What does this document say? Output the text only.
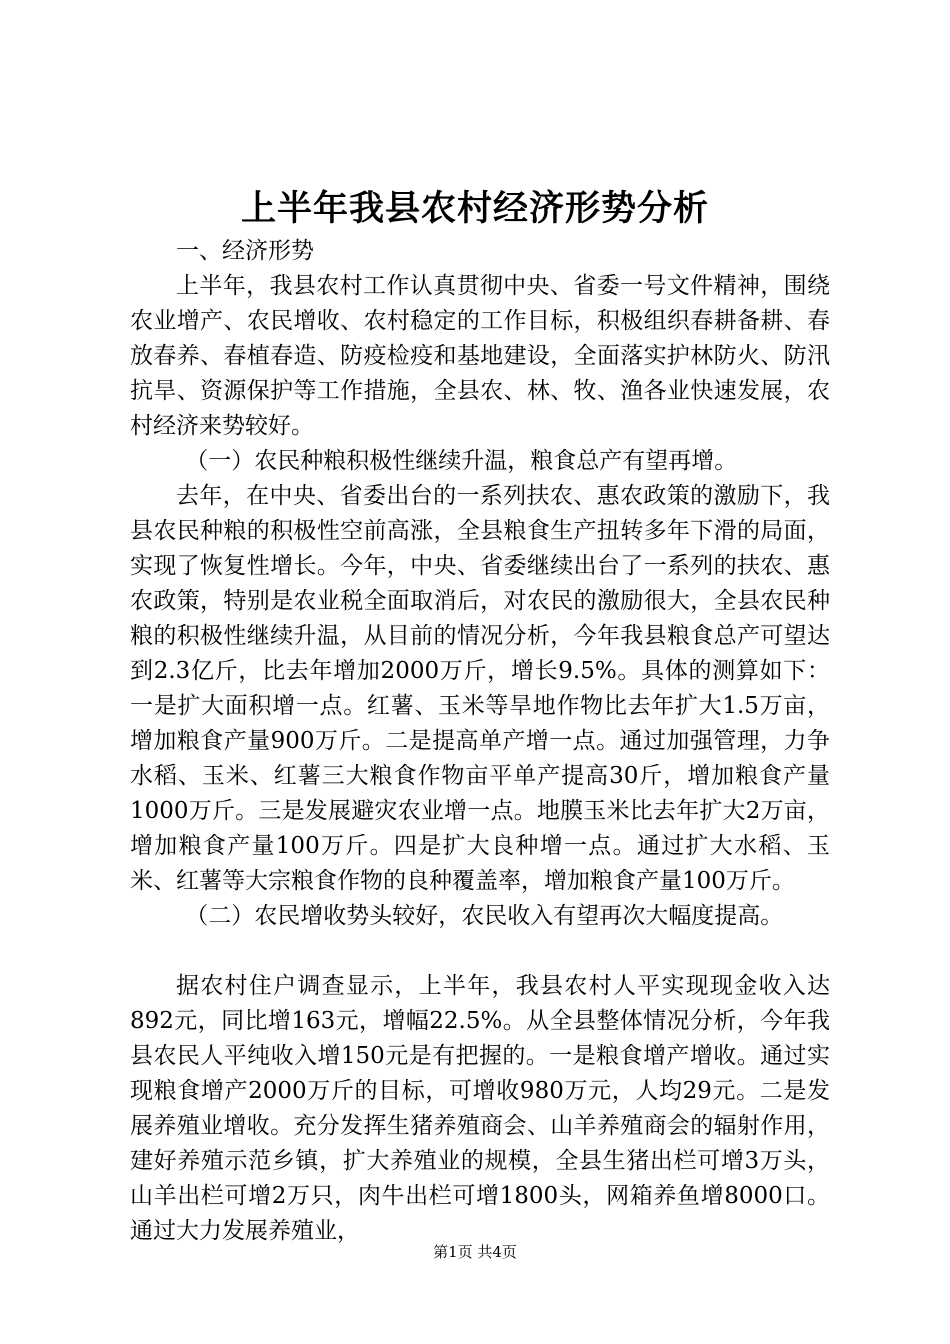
上半年我县农村经济形势分析

一、经济形势

上半年，我县农村工作认真贯彻中央、省委一号文件精神，围绕农业增产、农民增收、农村稳定的工作目标，积极组织春耕备耕、春放春养、春植春造、防疫检疫和基地建设，全面落实护林防火、防汛抗旱、资源保护等工作措施，全县农、林、牧、渔各业快速发展，农村经济来势较好。

（一）农民种粮积极性继续升温，粮食总产有望再增。

去年，在中央、省委出台的一系列扶农、惠农政策的激励下，我县农民种粮的积极性空前高涨，全县粮食生产扭转多年下滑的局面，实现了恢复性增长。今年，中央、省委继续出台了一系列的扶农、惠农政策，特别是农业税全面取消后，对农民的激励很大，全县农民种粮的积极性继续升温，从目前的情况分析，今年我县粮食总产可望达到2.3亿斤，比去年增加2000万斤，增长9.5%。具体的测算如下：一是扩大面积增一点。红薯、玉米等旱地作物比去年扩大1.5万亩，增加粮食产量900万斤。二是提高单产增一点。通过加强管理，力争水稻、玉米、红薯三大粮食作物亩平单产提高30斤，增加粮食产量1000万斤。三是发展避灾农业增一点。地膜玉米比去年扩大2万亩，增加粮食产量100万斤。四是扩大良种增一点。通过扩大水稻、玉米、红薯等大宗粮食作物的良种覆盖率，增加粮食产量100万斤。

（二）农民增收势头较好，农民收入有望再次大幅度提高。

据农村住户调查显示，上半年，我县农村人平实现现金收入达892元，同比增163元，增幅22.5%。从全县整体情况分析，今年我县农民人平纯收入增150元是有把握的。一是粮食增产增收。通过实现粮食增产2000万斤的目标，可增收980万元，人均29元。二是发展养殖业增收。充分发挥生猪养殖商会、山羊养殖商会的辐射作用，建好养殖示范乡镇，扩大养殖业的规模，全县生猪出栏可增3万头，山羊出栏可增2万只，肉牛出栏可增1800头，网箱养鱼增8000口。通过大力发展养殖业，

第1页 共4页
